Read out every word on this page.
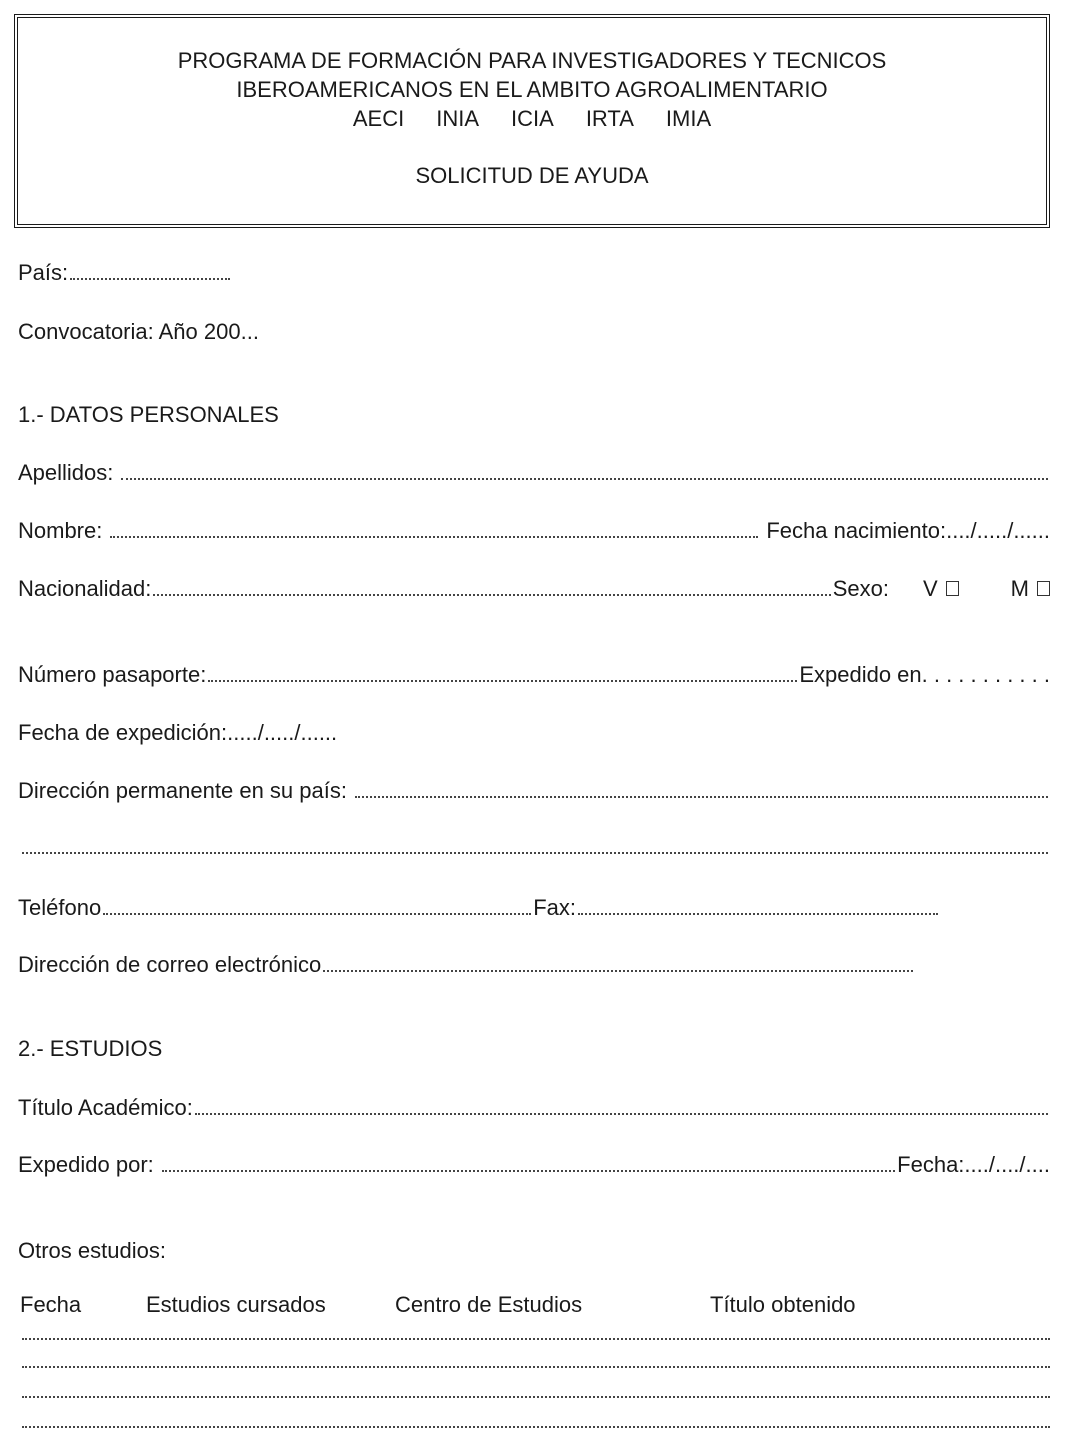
PROGRAMA DE FORMACIÓN PARA INVESTIGADORES Y TECNICOS
IBEROAMERICANOS EN EL AMBITO AGROALIMENTARIO
AECI INIA ICIA IRTA IMIA
SOLICITUD DE AYUDA
País:
Convocatoria: Año 200...
1.- DATOS PERSONALES
Apellidos:
Nombre:	Fecha nacimiento:..../...../......
Nacionalidad:	Sexo: V	M
Número pasaporte:	Expedido en. . . . . . . . . . .
Fecha de expedición:...../...../......
Dirección permanente en su país:
Teléfono	Fax:
Dirección de correo electrónico
2.- ESTUDIOS
Título Académico:
Expedido por:	Fecha:..../..../....
Otros estudios:
Fecha	Estudios cursados	Centro de Estudios	Título obtenido
